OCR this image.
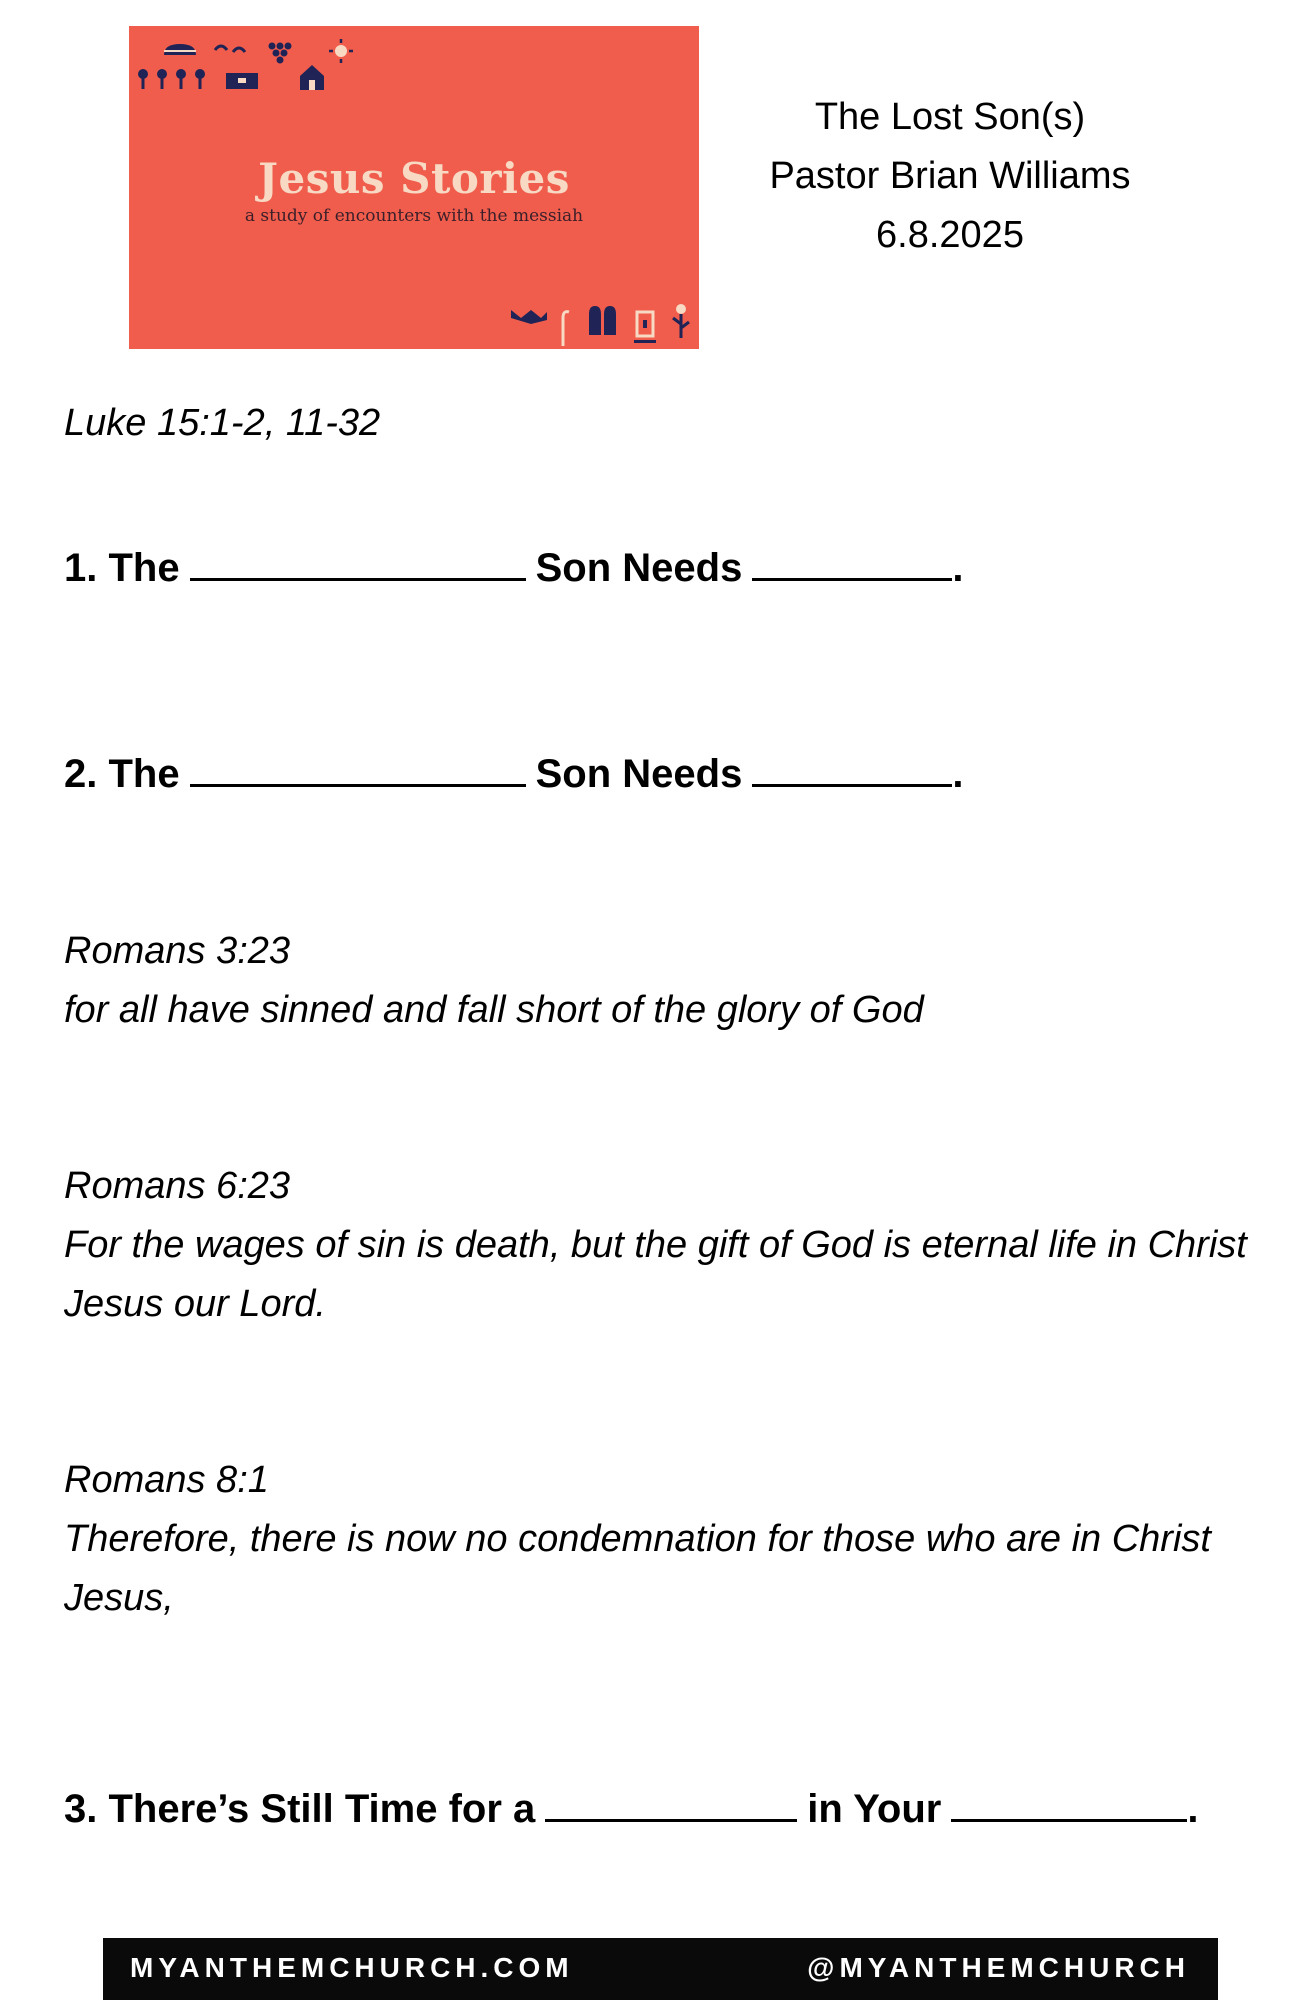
Jesus Stories
a study of encounters with the messiah
The Lost Son(s)
Pastor Brian Williams
6.8.2025
Luke 15:1-2, 11-32
1. The	Son Needs	.
2. The	Son Needs	.
Romans 3:23
for all have sinned and fall short of the glory of God
Romans 6:23
For the wages of sin is death, but the gift of God is eternal life in Christ Jesus our Lord.
Romans 8:1
Therefore, there is now no condemnation for those who are in Christ Jesus,
3. There’s Still Time for a	in Your	.
MYANTHEMCHURCH.COM	@MYANTHEMCHURCH
